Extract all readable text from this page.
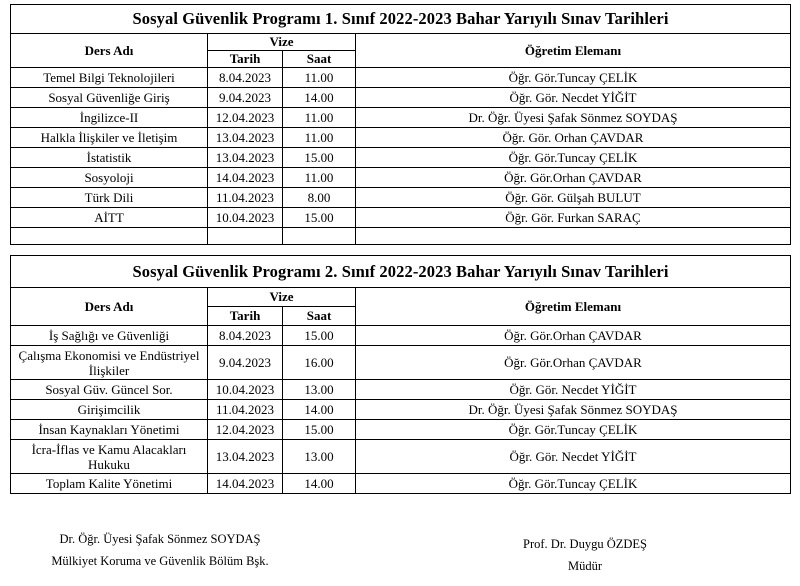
Sosyal Güvenlik Programı 1. Sınıf 2022-2023 Bahar Yarıyılı Sınav Tarihleri			
Ders Adı	Vize		Öğretim Elemanı
	Tarih	Saat	
Temel Bilgi Teknolojileri	8.04.2023	11.00	Öğr. Gör.Tuncay ÇELİK
Sosyal Güvenliğe Giriş	9.04.2023	14.00	Öğr. Gör. Necdet YİĞİT
İngilizce-II	12.04.2023	11.00	Dr. Öğr. Üyesi Şafak Sönmez SOYDAŞ
Halkla İlişkiler ve İletişim	13.04.2023	11.00	Öğr. Gör. Orhan ÇAVDAR
İstatistik	13.04.2023	15.00	Öğr. Gör.Tuncay ÇELİK
Sosyoloji	14.04.2023	11.00	Öğr. Gör.Orhan ÇAVDAR
Türk Dili	11.04.2023	8.00	Öğr. Gör. Gülşah BULUT
AİTT	10.04.2023	15.00	Öğr. Gör. Furkan SARAÇ

Sosyal Güvenlik Programı 2. Sınıf 2022-2023 Bahar Yarıyılı Sınav Tarihleri			
Ders Adı	Vize		Öğretim Elemanı
	Tarih	Saat	
İş Sağlığı ve Güvenliği	8.04.2023	15.00	Öğr. Gör.Orhan ÇAVDAR
Çalışma Ekonomisi ve Endüstriyel İlişkiler	9.04.2023	16.00	Öğr. Gör.Orhan ÇAVDAR
Sosyal Güv. Güncel Sor.	10.04.2023	13.00	Öğr. Gör. Necdet YİĞİT
Girişimcilik	11.04.2023	14.00	Dr. Öğr. Üyesi Şafak Sönmez SOYDAŞ
İnsan Kaynakları Yönetimi	12.04.2023	15.00	Öğr. Gör.Tuncay ÇELİK
İcra-İflas ve Kamu Alacakları Hukuku	13.04.2023	13.00	Öğr. Gör. Necdet YİĞİT
Toplam Kalite Yönetimi	14.04.2023	14.00	Öğr. Gör.Tuncay ÇELİK
Dr. Öğr. Üyesi Şafak Sönmez SOYDAŞ
Mülkiyet Koruma ve Güvenlik Bölüm Bşk.
Prof. Dr. Duygu ÖZDEŞ
Müdür
